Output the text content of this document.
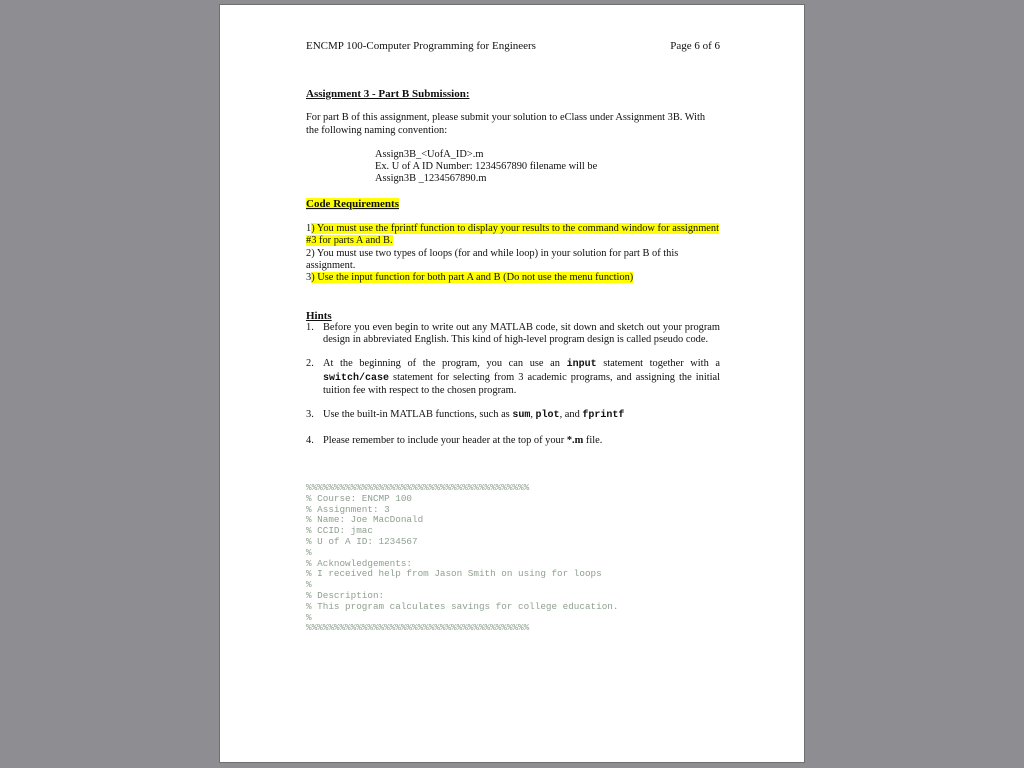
ENCMP 100-Computer Programming for Engineers	Page 6 of 6
Assignment 3 - Part B Submission:
For part B of this assignment, please submit your solution to eClass under Assignment 3B. With the following naming convention:
Assign3B_<UofA_ID>.m
Ex. U of A ID Number: 1234567890 filename will be
Assign3B _1234567890.m
Code Requirements
1) You must use the fprintf function to display your results to the command window for assignment #3 for parts A and B.
2) You must use two types of loops (for and while loop) in your solution for part B of this assignment.
3) Use the input function for both part A and B (Do not use the menu function)
Hints
1. Before you even begin to write out any MATLAB code, sit down and sketch out your program design in abbreviated English. This kind of high-level program design is called pseudo code.
2. At the beginning of the program, you can use an input statement together with a switch/case statement for selecting from 3 academic programs, and assigning the initial tuition fee with respect to the chosen program.
3. Use the built-in MATLAB functions, such as sum, plot, and fprintf
4. Please remember to include your header at the top of your *.m file.
%%%%%%%%%%%%%%%%%%%%%%%%%%%%%%%%%%%%%%%%
% Course: ENCMP 100
% Assignment: 3
% Name: Joe MacDonald
% CCID: jmac
% U of A ID: 1234567
%
% Acknowledgements:
% I received help from Jason Smith on using for loops
%
% Description:
% This program calculates savings for college education.
%
%%%%%%%%%%%%%%%%%%%%%%%%%%%%%%%%%%%%%%%%
